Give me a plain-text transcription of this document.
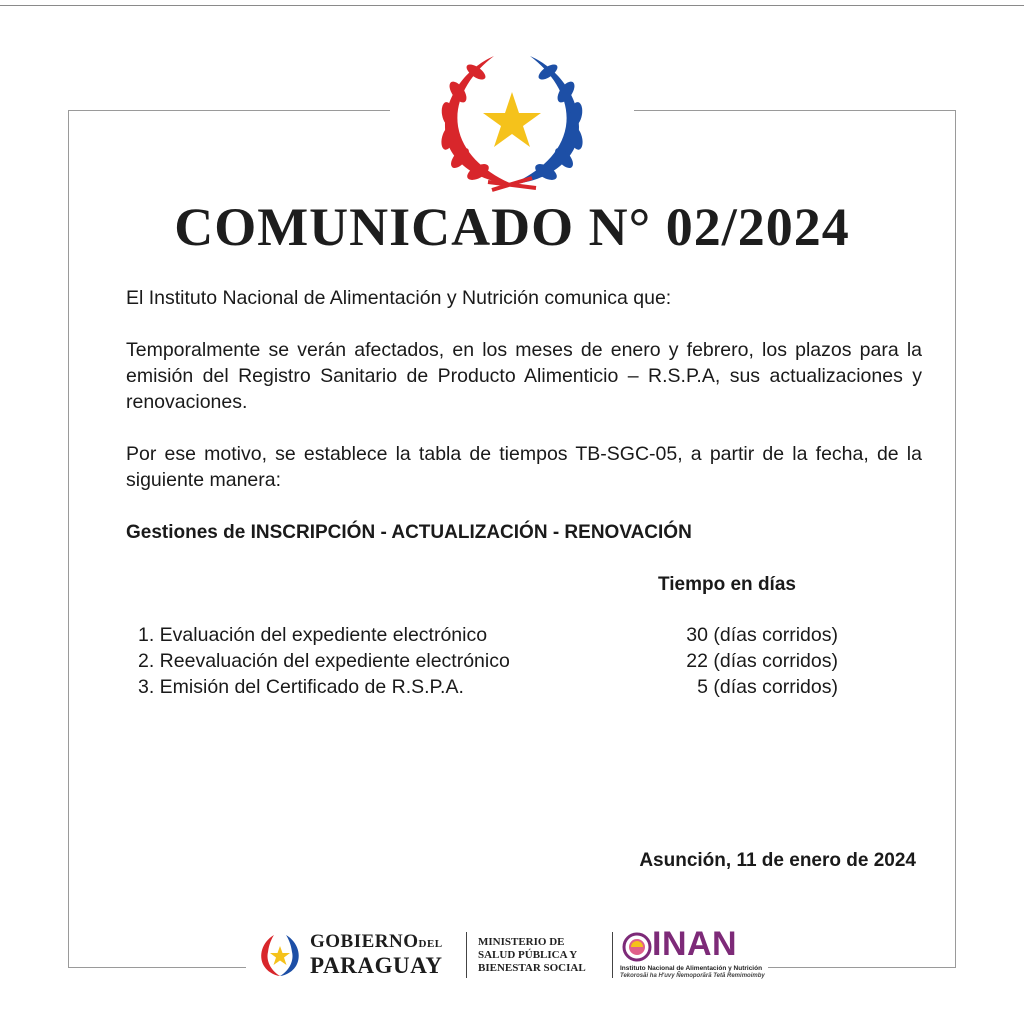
COMUNICADO N° 02/2024
El Instituto Nacional de Alimentación y Nutrición comunica que:
Temporalmente se verán afectados, en los meses de enero y febrero, los plazos para la emisión del Registro Sanitario de Producto Alimenticio – R.S.P.A, sus actualizaciones y renovaciones.
Por ese motivo, se establece la tabla de tiempos TB-SGC-05, a partir de la fecha, de la siguiente manera:
Gestiones de INSCRIPCIÓN - ACTUALIZACIÓN - RENOVACIÓN
Tiempo en días
1. Evaluación del expediente electrónico	30 (días corridos)
2. Reevaluación del expediente electrónico	22 (días corridos)
3. Emisión del Certificado de R.S.P.A.	5 (días corridos)
Asunción, 11 de enero de 2024
GOBIERNODEL
PARAGUAY
MINISTERIO DE
SALUD PÚBLICA Y
BIENESTAR SOCIAL
INAN
Instituto Nacional de Alimentación y Nutrición
Tekorosãi ha H'uvy Ñemoporãrã Tetã Remimoimby
